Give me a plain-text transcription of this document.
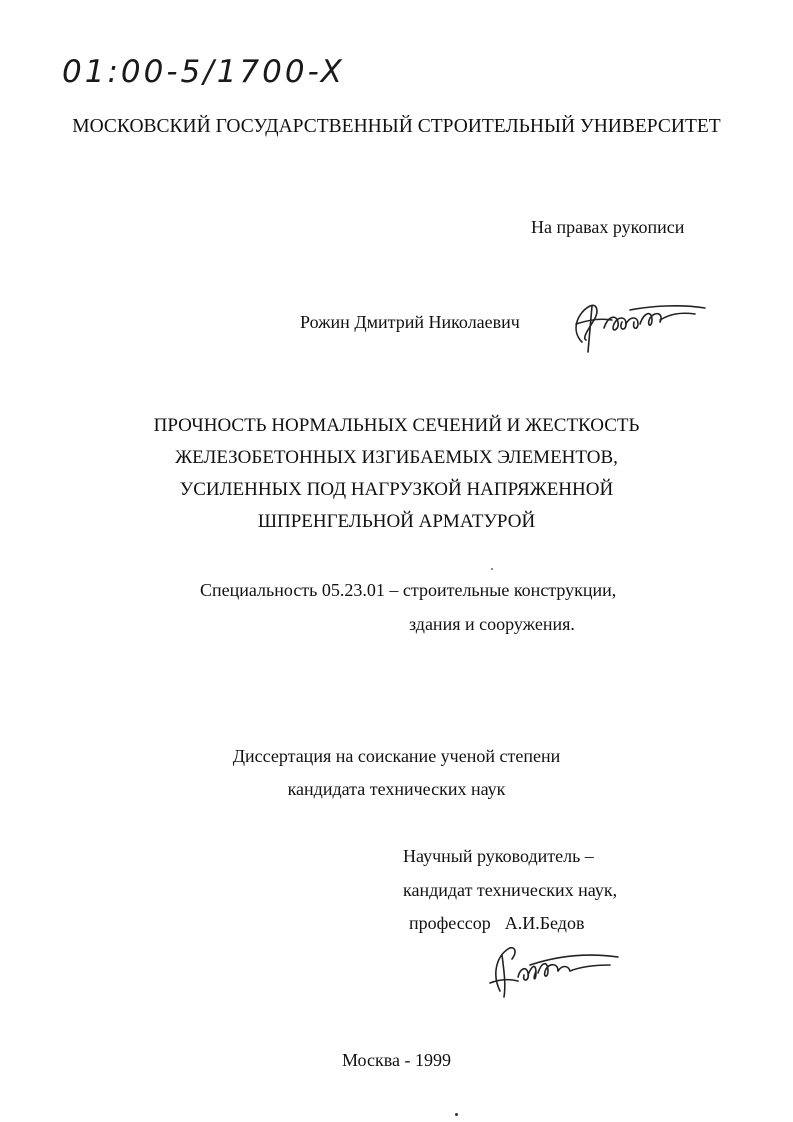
01:00-5/1700-X
МОСКОВСКИЙ ГОСУДАРСТВЕННЫЙ СТРОИТЕЛЬНЫЙ УНИВЕРСИТЕТ
На правах рукописи
Рожин Дмитрий Николаевич
ПРОЧНОСТЬ НОРМАЛЬНЫХ СЕЧЕНИЙ И ЖЕСТКОСТЬ
ЖЕЛЕЗОБЕТОННЫХ ИЗГИБАЕМЫХ ЭЛЕМЕНТОВ,
УСИЛЕННЫХ ПОД НАГРУЗКОЙ НАПРЯЖЕННОЙ
ШПРЕНГЕЛЬНОЙ АРМАТУРОЙ
Специальность 05.23.01 – строительные конструкции,
здания и сооружения.
Диссертация на соискание ученой степени
кандидата технических наук
Научный руководитель –
кандидат технических наук,
профессор А.И.Бедов
Москва - 1999
